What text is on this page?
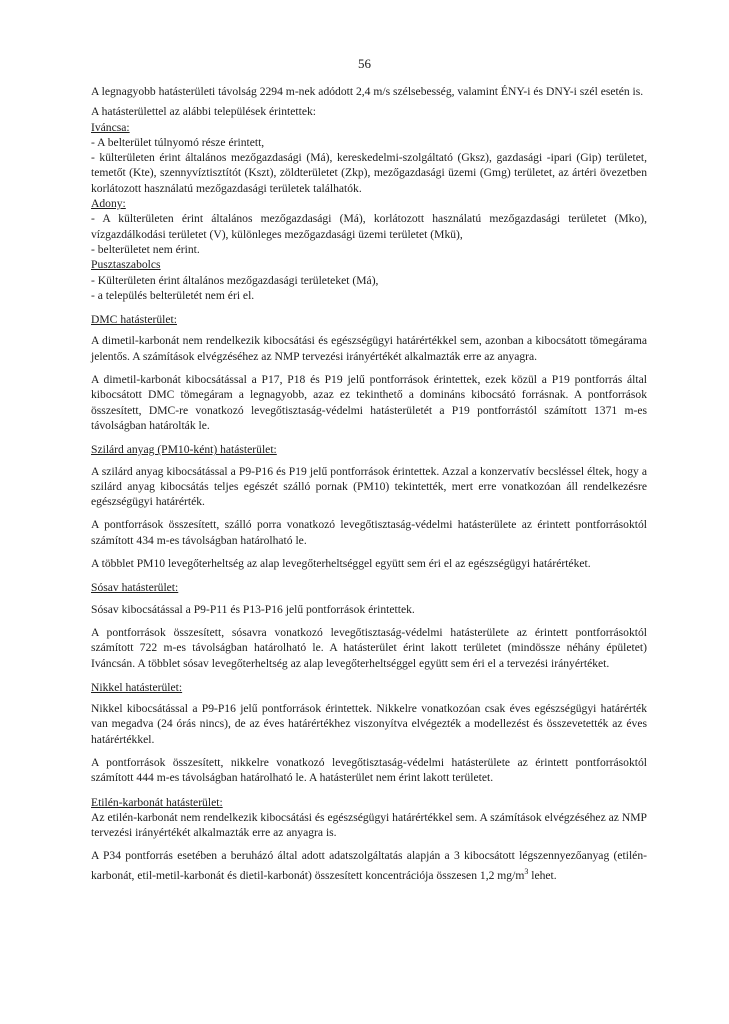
56

A legnagyobb hatásterületi távolság 2294 m-nek adódott 2,4 m/s szélsebesség, valamint ÉNY-i és DNY-i szél esetén is.

A hatásterülettel az alábbi települések érintettek:

Iváncsa:

- A belterület túlnyomó része érintett,

- külterületen érint általános mezőgazdasági (Má), kereskedelmi-szolgáltató (Gksz), gazdasági -ipari (Gip) területet, temetőt (Kte), szennyvíztisztítót (Kszt), zöldterületet (Zkp), mezőgazdasági üzemi (Gmg) területet, az ártéri övezetben korlátozott használatú mezőgazdasági területek találhatók.

Adony:

- A külterületen érint általános mezőgazdasági (Má), korlátozott használatú mezőgazdasági területet (Mko), vízgazdálkodási területet (V), különleges mezőgazdasági üzemi területet (Mkü),

- belterületet nem érint.

Pusztaszabolcs

- Külterületen érint általános mezőgazdasági területeket (Má),

- a település belterületét nem éri el.

DMC hatásterület:

A dimetil-karbonát nem rendelkezik kibocsátási és egészségügyi határértékkel sem, azonban a kibocsátott tömegárama jelentős. A számítások elvégzéséhez az NMP tervezési irányértékét alkalmazták erre az anyagra.

A dimetil-karbonát kibocsátással a P17, P18 és P19 jelű pontforrások érintettek, ezek közül a P19 pontforrás által kibocsátott DMC tömegáram a legnagyobb, azaz ez tekinthető a domináns kibocsátó forrásnak. A pontforrások összesített, DMC-re vonatkozó levegőtisztaság-védelmi hatásterületét a P19 pontforrástól számított 1371 m-es távolságban határolták le.

Szilárd anyag (PM10-ként) hatásterület:

A szilárd anyag kibocsátással a P9-P16 és P19 jelű pontforrások érintettek. Azzal a konzervatív becsléssel éltek, hogy a szilárd anyag kibocsátás teljes egészét szálló pornak (PM10) tekintették, mert erre vonatkozóan áll rendelkezésre egészségügyi határérték.

A pontforrások összesített, szálló porra vonatkozó levegőtisztaság-védelmi hatásterülete az érintett pontforrásoktól számított 434 m-es távolságban határolható le.

A többlet PM10 levegőterheltség az alap levegőterheltséggel együtt sem éri el az egészségügyi határértéket.

Sósav hatásterület:

Sósav kibocsátással a P9-P11 és P13-P16 jelű pontforrások érintettek.

A pontforrások összesített, sósavra vonatkozó levegőtisztaság-védelmi hatásterülete az érintett pontforrásoktól számított 722 m-es távolságban határolható le. A hatásterület érint lakott területet (mindössze néhány épületet) Iváncsán. A többlet sósav levegőterheltség az alap levegőterheltséggel együtt sem éri el a tervezési irányértéket.

Nikkel hatásterület:

Nikkel kibocsátással a P9-P16 jelű pontforrások érintettek. Nikkelre vonatkozóan csak éves egészségügyi határérték van megadva (24 órás nincs), de az éves határértékhez viszonyítva elvégezték a modellezést és összevetették az éves határértékkel.

A pontforrások összesített, nikkelre vonatkozó levegőtisztaság-védelmi hatásterülete az érintett pontforrásoktól számított 444 m-es távolságban határolható le. A hatásterület nem érint lakott területet.

Etilén-karbonát hatásterület:

Az etilén-karbonát nem rendelkezik kibocsátási és egészségügyi határértékkel sem. A számítások elvégzéséhez az NMP tervezési irányértékét alkalmazták erre az anyagra is.

A P34 pontforrás esetében a beruházó által adott adatszolgáltatás alapján a 3 kibocsátott légszennyezőanyag (etilén-karbonát, etil-metil-karbonát és dietil-karbonát) összesített koncentrációja összesen 1,2 $mg/m^3$ lehet.
